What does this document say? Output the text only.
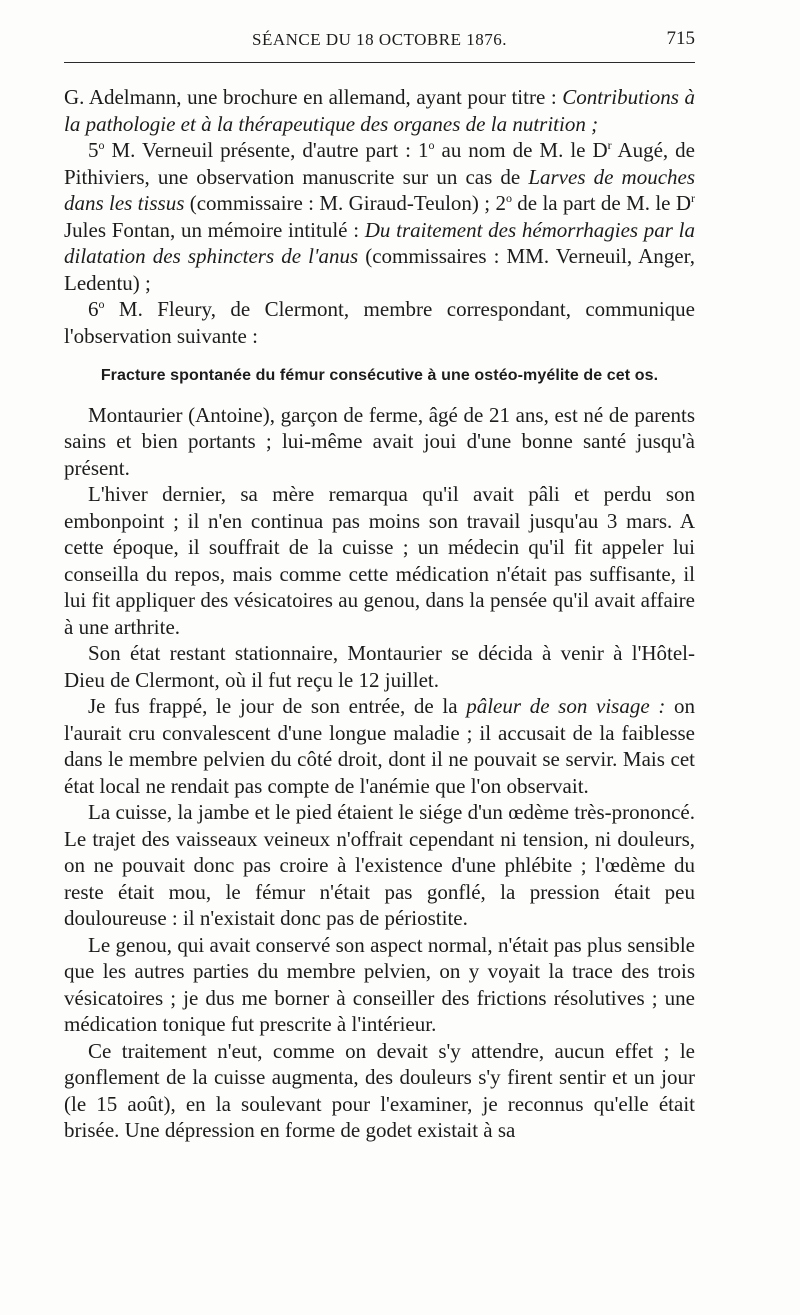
SÉANCE DU 18 OCTOBRE 1876.	715

G. Adelmann, une brochure en allemand, ayant pour titre : Contributions à la pathologie et à la thérapeutique des organes de la nutrition ;

5$^o$ M. Verneuil présente, d'autre part : 1$^o$ au nom de M. le $D^r$ Augé, de Pithiviers, une observation manuscrite sur un cas de Larves de mouches dans les tissus (commissaire : M. Giraud-Teulon) ; 2$^o$ de la part de M. le $D^r$ Jules Fontan, un mémoire intitulé : Du traitement des hémorrhagies par la dilatation des sphincters de l'anus (commissaires : MM. Verneuil, Anger, Ledentu) ;

6$^o$ M. Fleury, de Clermont, membre correspondant, communique l'observation suivante :

Fracture spontanée du fémur consécutive à une ostéo-myélite de cet os.

Montaurier (Antoine), garçon de ferme, âgé de 21 ans, est né de parents sains et bien portants ; lui-même avait joui d'une bonne santé jusqu'à présent.

L'hiver dernier, sa mère remarqua qu'il avait pâli et perdu son embonpoint ; il n'en continua pas moins son travail jusqu'au 3 mars. A cette époque, il souffrait de la cuisse ; un médecin qu'il fit appeler lui conseilla du repos, mais comme cette médication n'était pas suffisante, il lui fit appliquer des vésicatoires au genou, dans la pensée qu'il avait affaire à une arthrite.

Son état restant stationnaire, Montaurier se décida à venir à l'Hôtel-Dieu de Clermont, où il fut reçu le 12 juillet.

Je fus frappé, le jour de son entrée, de la pâleur de son visage : on l'aurait cru convalescent d'une longue maladie ; il accusait de la faiblesse dans le membre pelvien du côté droit, dont il ne pouvait se servir. Mais cet état local ne rendait pas compte de l'anémie que l'on observait.

La cuisse, la jambe et le pied étaient le siége d'un œdème très-prononcé. Le trajet des vaisseaux veineux n'offrait cependant ni tension, ni douleurs, on ne pouvait donc pas croire à l'existence d'une phlébite ; l'œdème du reste était mou, le fémur n'était pas gonflé, la pression était peu douloureuse : il n'existait donc pas de périostite.

Le genou, qui avait conservé son aspect normal, n'était pas plus sensible que les autres parties du membre pelvien, on y voyait la trace des trois vésicatoires ; je dus me borner à conseiller des frictions résolutives ; une médication tonique fut prescrite à l'intérieur.

Ce traitement n'eut, comme on devait s'y attendre, aucun effet ; le gonflement de la cuisse augmenta, des douleurs s'y firent sentir et un jour (le 15 août), en la soulevant pour l'examiner, je reconnus qu'elle était brisée. Une dépression en forme de godet existait à sa
